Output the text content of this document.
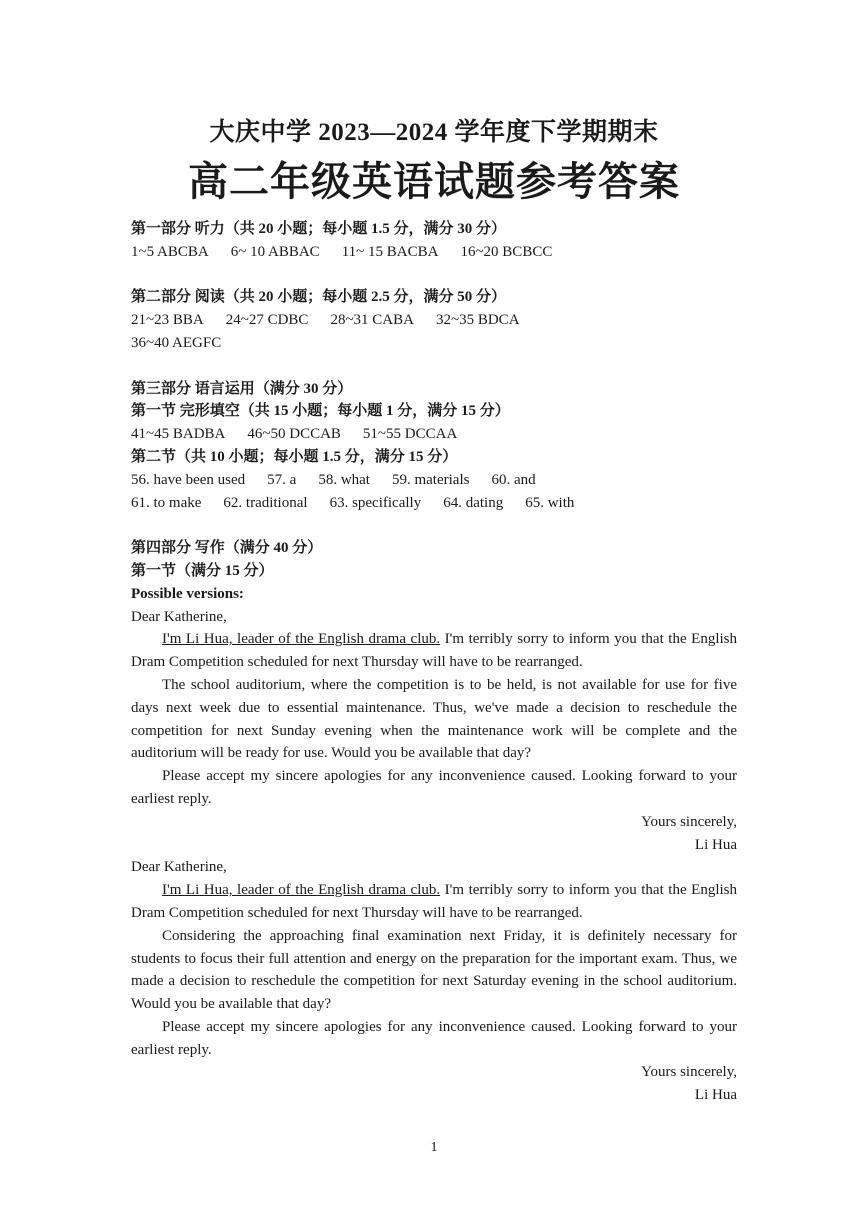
大庆中学 2023—2024 学年度下学期期末
高二年级英语试题参考答案
第一部分 听力（共 20 小题；每小题 1.5 分，满分 30 分）
1~5 ABCBA 6~ 10 ABBAC 11~ 15 BACBA 16~20 BCBCC
第二部分 阅读（共 20 小题；每小题 2.5 分，满分 50 分）
21~23 BBA 24~27 CDBC 28~31 CABA 32~35 BDCA
36~40 AEGFC
第三部分 语言运用（满分 30 分）
第一节 完形填空（共 15 小题；每小题 1 分，满分 15 分）
41~45 BADBA 46~50 DCCAB 51~55 DCCAA
第二节（共 10 小题；每小题 1.5 分，满分 15 分）
56. have been used 57. a 58. what 59. materials 60. and
61. to make 62. traditional 63. specifically 64. dating 65. with
第四部分 写作（满分 40 分）
第一节（满分 15 分）
Possible versions:
Dear Katherine,
I'm Li Hua, leader of the English drama club. I'm terribly sorry to inform you that the English Dram Competition scheduled for next Thursday will have to be rearranged.
The school auditorium, where the competition is to be held, is not available for use for five days next week due to essential maintenance. Thus, we've made a decision to reschedule the competition for next Sunday evening when the maintenance work will be complete and the auditorium will be ready for use. Would you be available that day?
Please accept my sincere apologies for any inconvenience caused. Looking forward to your earliest reply.
Yours sincerely,
Li Hua
Dear Katherine,
I'm Li Hua, leader of the English drama club. I'm terribly sorry to inform you that the English Dram Competition scheduled for next Thursday will have to be rearranged.
Considering the approaching final examination next Friday, it is definitely necessary for students to focus their full attention and energy on the preparation for the important exam. Thus, we made a decision to reschedule the competition for next Saturday evening in the school auditorium. Would you be available that day?
Please accept my sincere apologies for any inconvenience caused. Looking forward to your earliest reply.
Yours sincerely,
Li Hua
1
